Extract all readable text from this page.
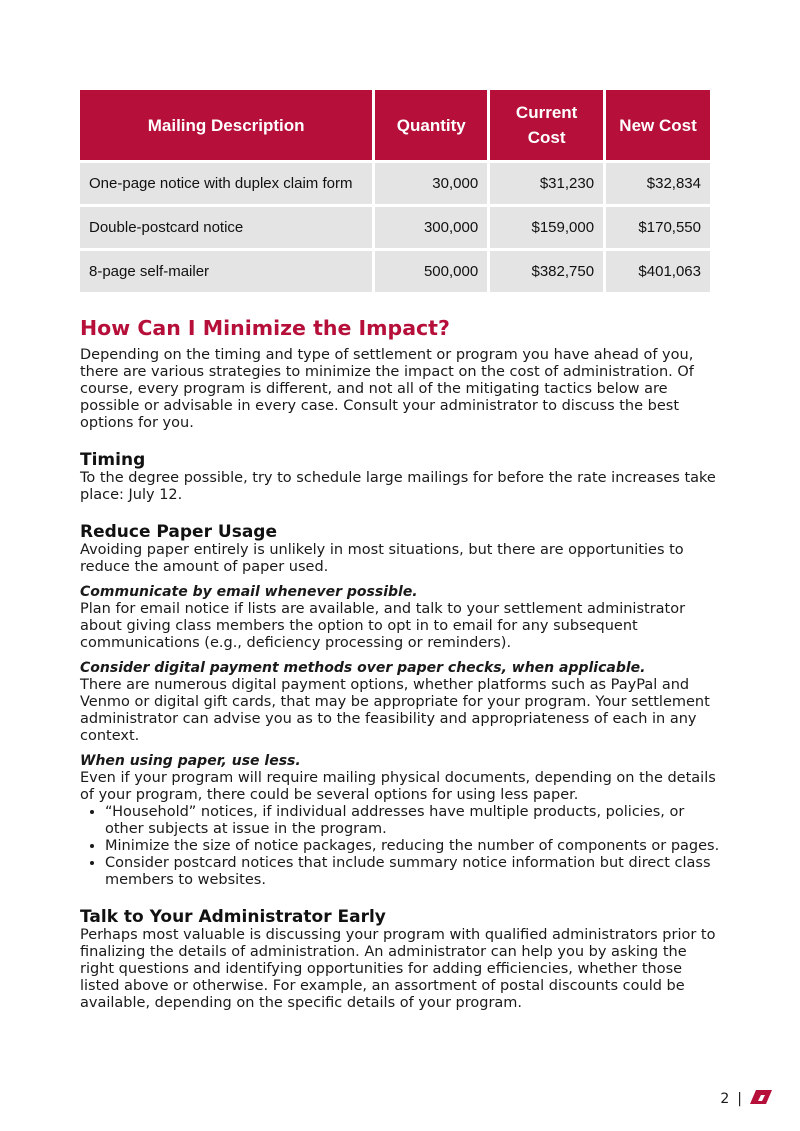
Mailing Description	Quantity	Current Cost	New Cost
One-page notice with duplex claim form	30,000	$31,230	$32,834
Double-postcard notice	300,000	$159,000	$170,550
8-page self-mailer	500,000	$382,750	$401,063
How Can I Minimize the Impact?

Depending on the timing and type of settlement or program you have ahead of you, there are various strategies to minimize the impact on the cost of administration. Of course, every program is different, and not all of the mitigating tactics below are possible or advisable in every case. Consult your administrator to discuss the best options for you.

Timing

To the degree possible, try to schedule large mailings for before the rate increases take place: July 12.

Reduce Paper Usage

Avoiding paper entirely is unlikely in most situations, but there are opportunities to reduce the amount of paper used.

Communicate by email whenever possible.

Plan for email notice if lists are available, and talk to your settlement administrator about giving class members the option to opt in to email for any subsequent communications (e.g., deficiency processing or reminders).

Consider digital payment methods over paper checks, when applicable.

There are numerous digital payment options, whether platforms such as PayPal and Venmo or digital gift cards, that may be appropriate for your program. Your settlement administrator can advise you as to the feasibility and appropriateness of each in any context.

When using paper, use less.

Even if your program will require mailing physical documents, depending on the details of your program, there could be several options for using less paper.

• “Household” notices, if individual addresses have multiple products, policies, or other subjects at issue in the program.
• Minimize the size of notice packages, reducing the number of components or pages.
• Consider postcard notices that include summary notice information but direct class members to websites.
Talk to Your Administrator Early

Perhaps most valuable is discussing your program with qualified administrators prior to finalizing the details of administration. An administrator can help you by asking the right questions and identifying opportunities for adding efficiencies, whether those listed above or otherwise. For example, an assortment of postal discounts could be available, depending on the specific details of your program.

2 |
